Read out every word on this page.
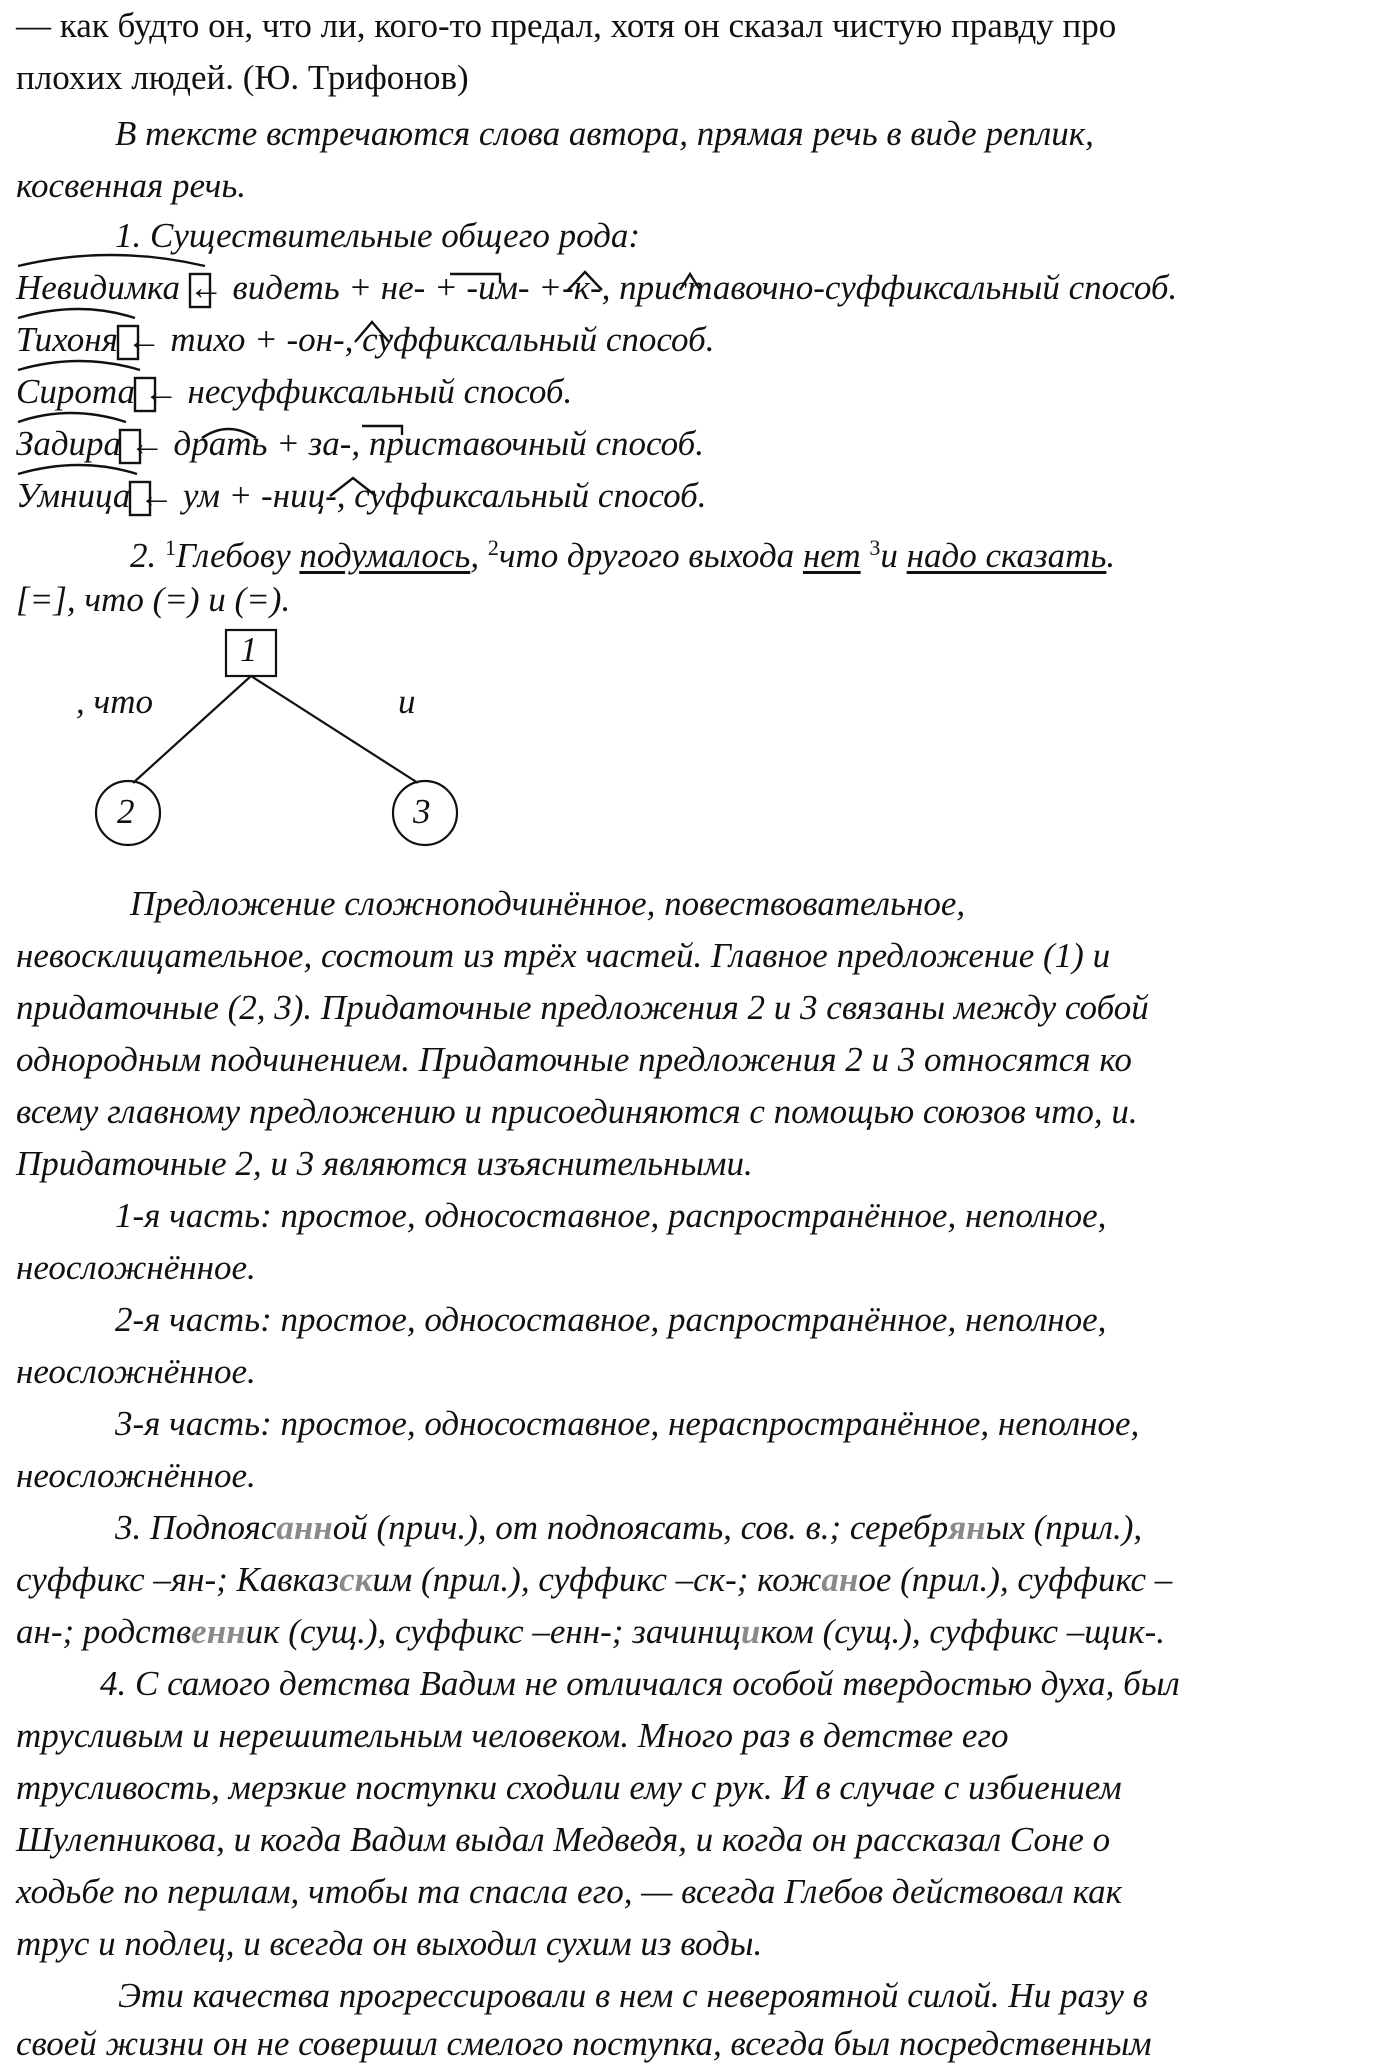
— как будто он, что ли, кого-то предал, хотя он сказал чистую правду про
плохих людей. (Ю. Трифонов)
В тексте встречаются слова автора, прямая речь в виде реплик,
косвенная речь.
1. Существительные общего рода:
Невидимка ← видеть + не- + -им- +-к-, приставочно-суффиксальный способ.
Тихоня ← тихо + -он-, суффиксальный способ.
Сирота ← несуффиксальный способ.
Задира ← драть + за-, приставочный способ.
Умница ← ум + -ниц-, суффиксальный способ.
2. $^1$Глебову подумалось, $^2$что другого выхода нет $^3$и надо сказать.
[=], что (=) и (=).
1
, что	и
2	3
Предложение сложноподчинённое, повествовательное,
невосклицательное, состоит из трёх частей. Главное предложение (1) и
придаточные (2, 3). Придаточные предложения 2 и 3 связаны между собой
однородным подчинением. Придаточные предложения 2 и 3 относятся ко
всему главному предложению и присоединяются с помощью союзов что, и.
Придаточные 2, и 3 являются изъяснительными.
1-я часть: простое, односоставное, распространённое, неполное,
неосложнённое.
2-я часть: простое, односоставное, распространённое, неполное,
неосложнённое.
3-я часть: простое, односоставное, нераспространённое, неполное,
неосложнённое.
3. Подпоясанной (прич.), от подпоясать, сов. в.; серебряных (прил.),
суффикс –ян-; Кавказским (прил.), суффикс –ск-; кожаное (прил.), суффикс –
ан-; родственник (сущ.), суффикс –енн-; зачинщиком (сущ.), суффикс –щик-.
4. С самого детства Вадим не отличался особой твердостью духа, был
трусливым и нерешительным человеком. Много раз в детстве его
трусливость, мерзкие поступки сходили ему с рук. И в случае с избиением
Шулепникова, и когда Вадим выдал Медведя, и когда он рассказал Соне о
ходьбе по перилам, чтобы та спасла его, — всегда Глебов действовал как
трус и подлец, и всегда он выходил сухим из воды.
Эти качества прогрессировали в нем с невероятной силой. Ни разу в
своей жизни он не совершил смелого поступка, всегда был посредственным
